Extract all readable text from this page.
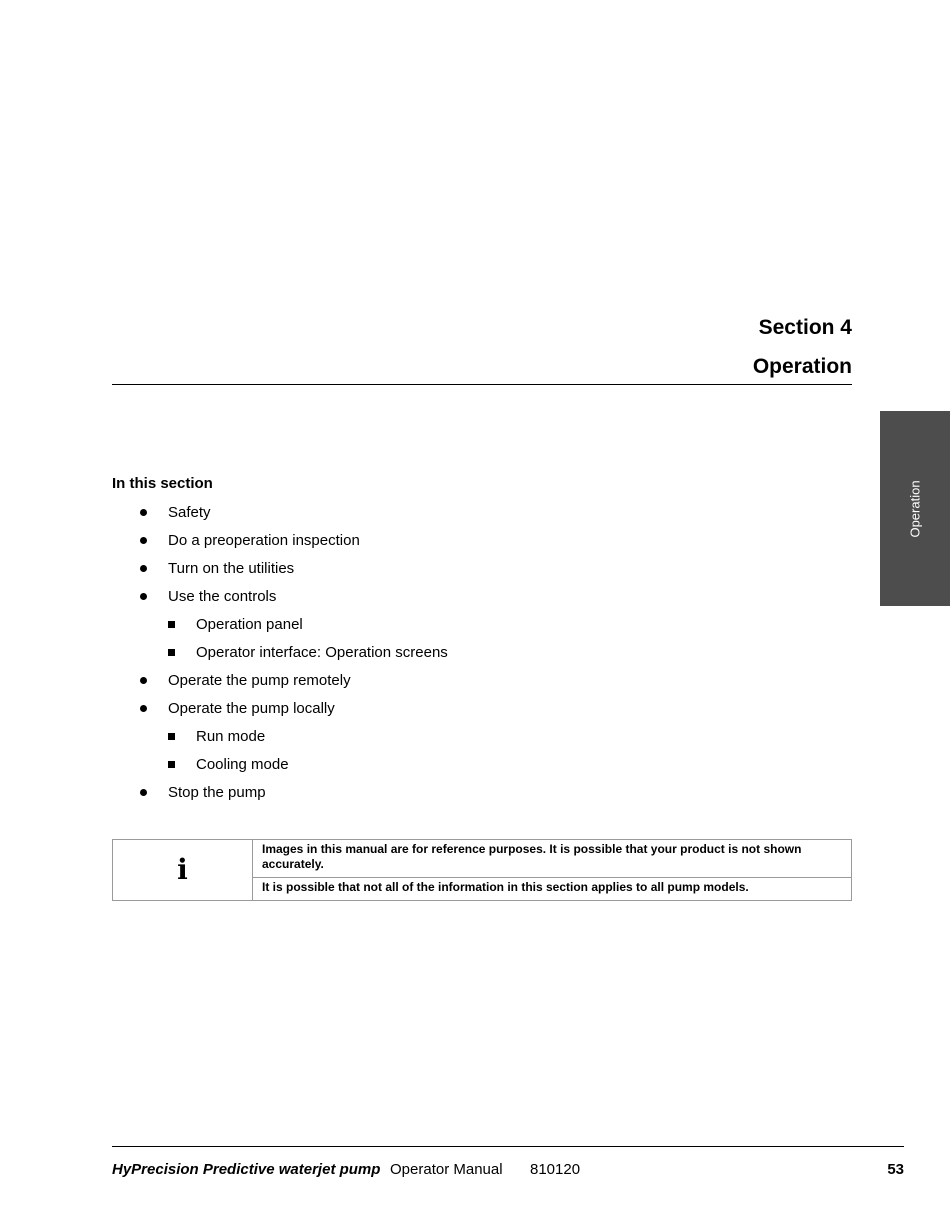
Section 4
Operation
Operation
In this section
Safety
Do a preoperation inspection
Turn on the utilities
Use the controls
Operation panel
Operator interface: Operation screens
Operate the pump remotely
Operate the pump locally
Run mode
Cooling mode
Stop the pump
i
Images in this manual are for reference purposes. It is possible that your product is not shown accurately.
It is possible that not all of the information in this section applies to all pump models.
HyPrecision Predictive waterjet pump Operator Manual 810120	53
